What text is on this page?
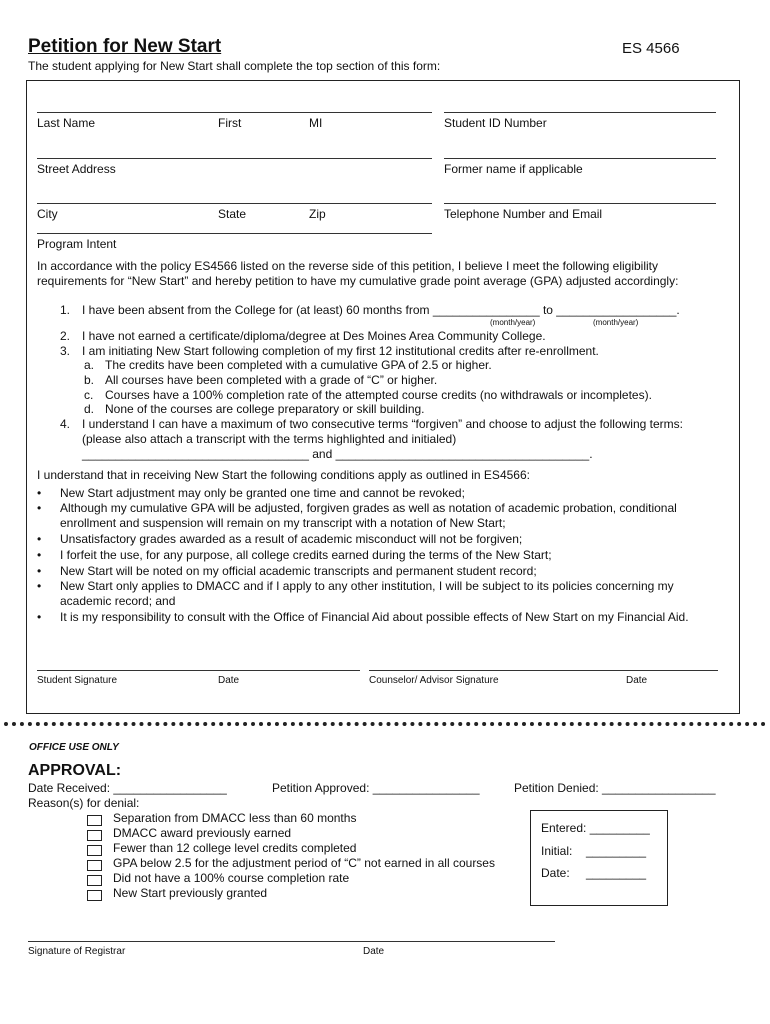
Petition for New Start	ES 4566
The student applying for New Start shall complete the top section of this form:
Last Name	First	MI	Student ID Number
Street Address	Former name if applicable
City	State	Zip	Telephone Number and Email
Program Intent
In accordance with the policy ES4566 listed on the reverse side of this petition, I believe I meet the following eligibility requirements for “New Start” and hereby petition to have my cumulative grade point average (GPA) adjusted accordingly:
1. I have been absent from the College for (at least) 60 months from ________________ to __________________.
(month/year)	(month/year)
2. I have not earned a certificate/diploma/degree at Des Moines Area Community College.
3. I am initiating New Start following completion of my first 12 institutional credits after re-enrollment.
a. The credits have been completed with a cumulative GPA of 2.5 or higher.
b. All courses have been completed with a grade of “C” or higher.
c. Courses have a 100% completion rate of the attempted course credits (no withdrawals or incompletes).
d. None of the courses are college preparatory or skill building.
4. I understand I can have a maximum of two consecutive terms “forgiven” and choose to adjust the following terms:
(please also attach a transcript with the terms highlighted and initialed)
__________________________________ and ______________________________________.
I understand that in receiving New Start the following conditions apply as outlined in ES4566:
• New Start adjustment may only be granted one time and cannot be revoked;
• Although my cumulative GPA will be adjusted, forgiven grades as well as notation of academic probation, conditional
enrollment and suspension will remain on my transcript with a notation of New Start;
• Unsatisfactory grades awarded as a result of academic misconduct will not be forgiven;
• I forfeit the use, for any purpose, all college credits earned during the terms of the New Start;
• New Start will be noted on my official academic transcripts and permanent student record;
• New Start only applies to DMACC and if I apply to any other institution, I will be subject to its policies concerning my
academic record; and
• It is my responsibility to consult with the Office of Financial Aid about possible effects of New Start on my Financial Aid.
Student Signature	Date	Counselor/ Advisor Signature	Date
OFFICE USE ONLY
APPROVAL:
Date Received: _________________	Petition Approved: ________________	Petition Denied: _________________
Reason(s) for denial:
Separation from DMACC less than 60 months
DMACC award previously earned
Fewer than 12 college level credits completed
GPA below 2.5 for the adjustment period of “C” not earned in all courses
Did not have a 100% course completion rate
New Start previously granted
Entered: _________
Initial: _________
Date: _________
Signature of Registrar	Date
